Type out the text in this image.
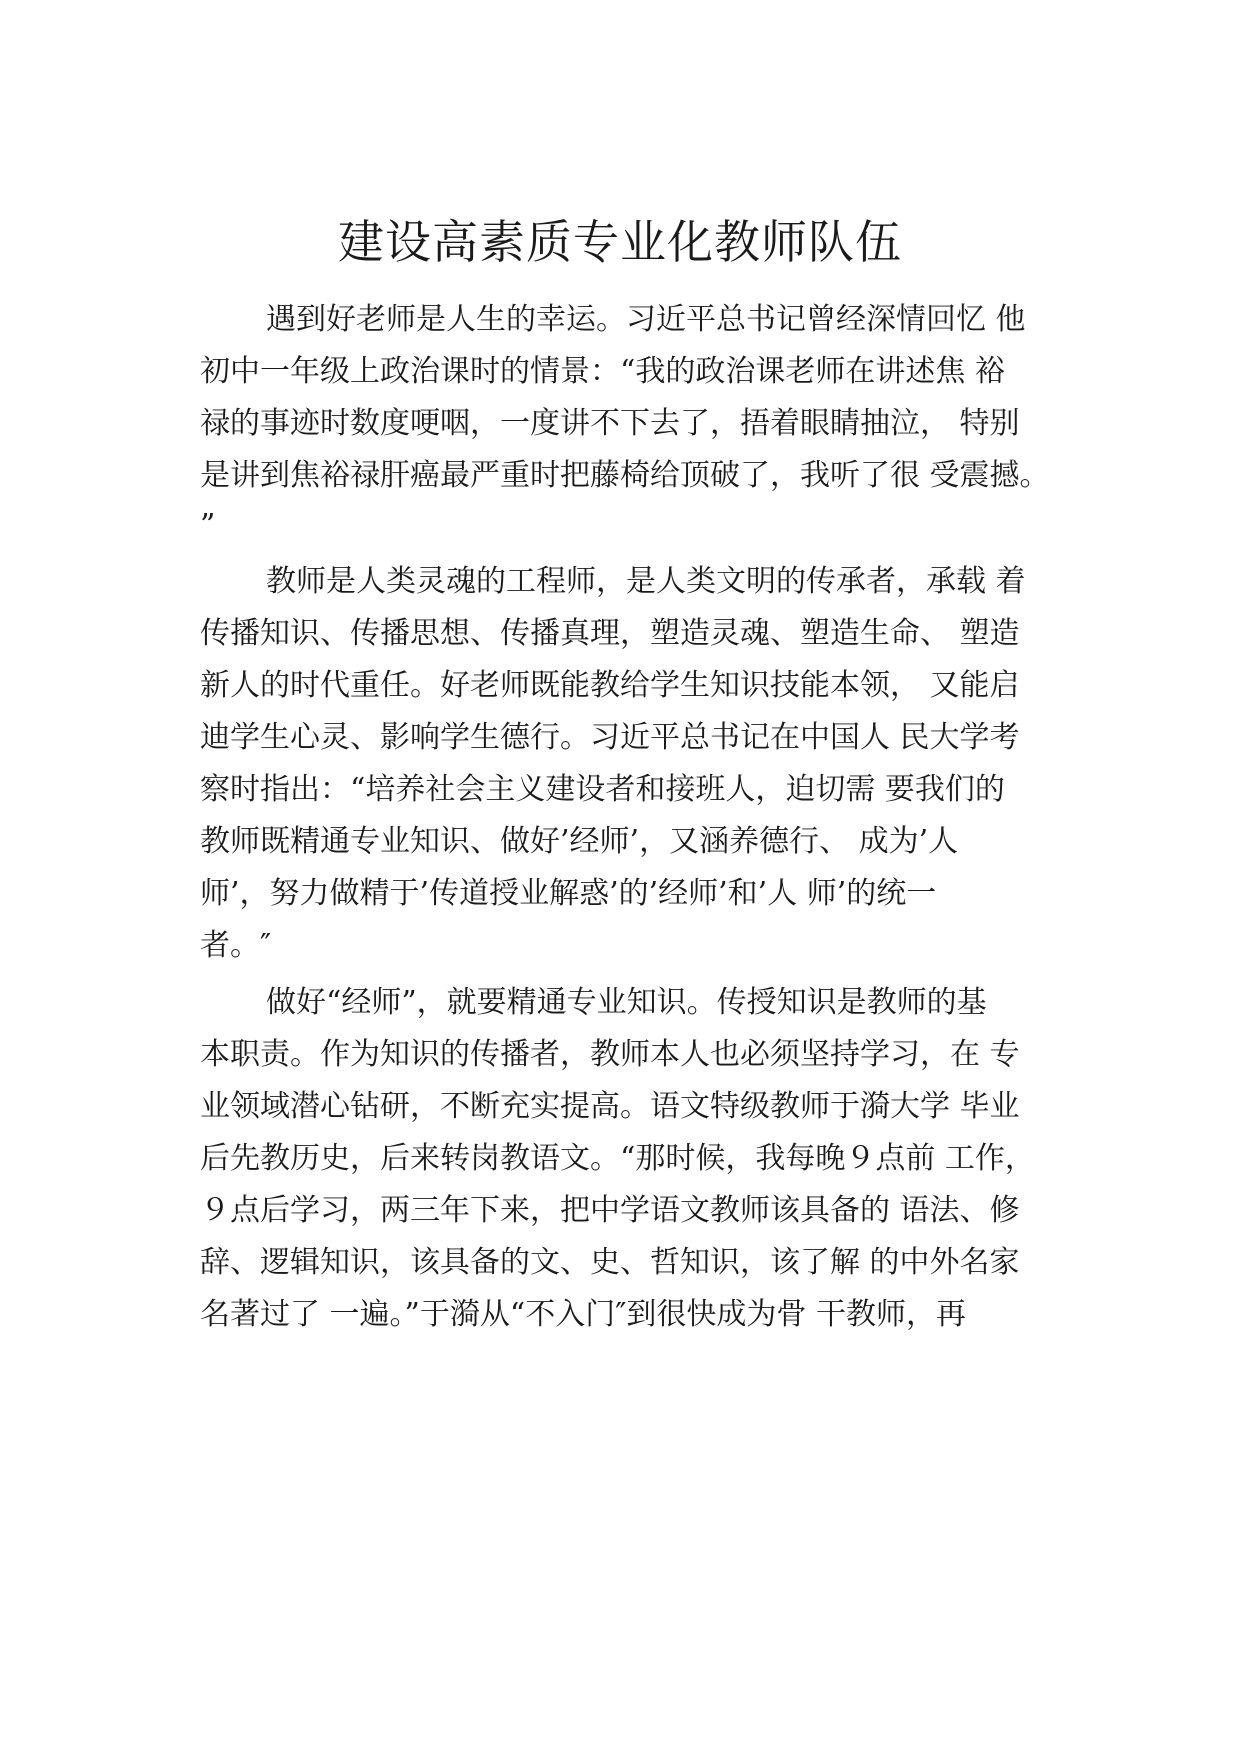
建设高素质专业化教师队伍

遇到好老师是人生的幸运。习近平总书记曾经深情回忆 他

初中一年级上政治课时的情景：“我的政治课老师在讲述焦 裕

禄的事迹时数度哽咽，一度讲不下去了，捂着眼睛抽泣， 特别

是讲到焦裕禄肝癌最严重时把藤椅给顶破了，我听了很 受震撼。

”

教师是人类灵魂的工程师，是人类文明的传承者，承载 着

传播知识、传播思想、传播真理，塑造灵魂、塑造生命、 塑造

新人的时代重任。好老师既能教给学生知识技能本领， 又能启

迪学生心灵、影响学生德行。习近平总书记在中国人 民大学考

察时指出：“培养社会主义建设者和接班人，迫切需 要我们的

教师既精通专业知识、做好’经师’，又涵养德行、 成为’人

师’，努力做精于’传道授业解惑’的’经师’和’人 师’的统一

者。″

做好“经师”，就要精通专业知识。传授知识是教师的基

本职责。作为知识的传播者，教师本人也必须坚持学习，在 专

业领域潜心钻研，不断充实提高。语文特级教师于漪大学 毕业

后先教历史，后来转岗教语文。“那时候，我每晚９点前 工作，

９点后学习，两三年下来，把中学语文教师该具备的 语法、修

辞、逻辑知识，该具备的文、史、哲知识，该了解 的中外名家

名著过了 一遍。”于漪从“不入门″到很快成为骨 干教师，再
